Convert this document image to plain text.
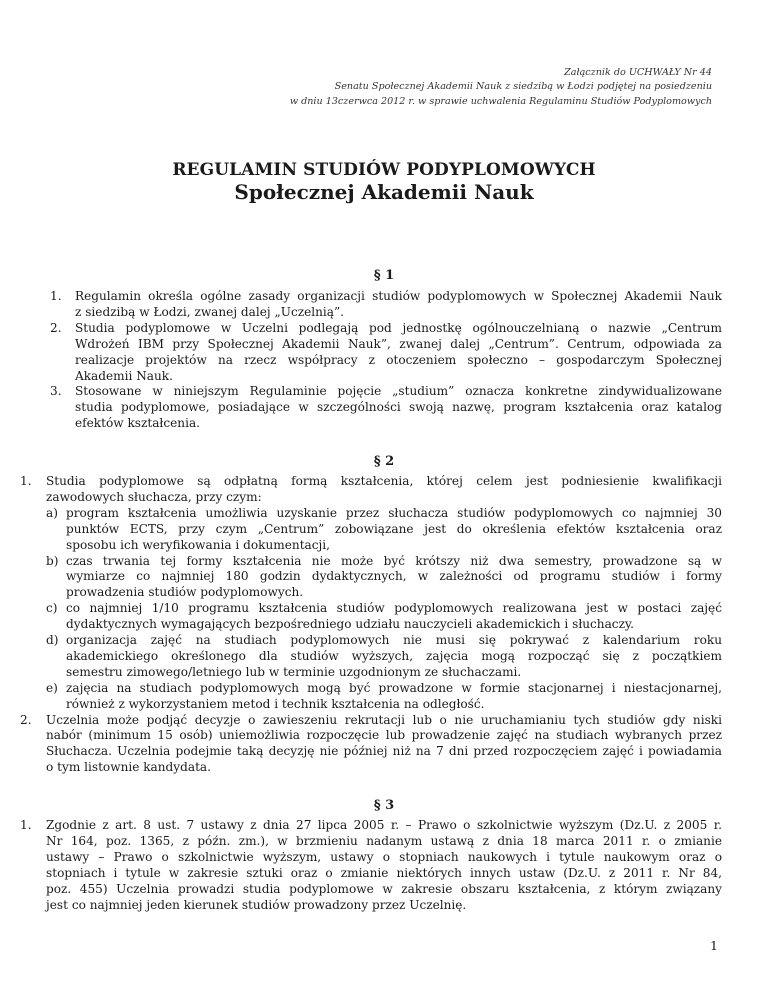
Załącznik do UCHWAŁY Nr 44
Senatu Społecznej Akademii Nauk z siedzibą w Łodzi podjętej na posiedzeniu
w dniu 13czerwca 2012 r. w sprawie uchwalenia Regulaminu Studiów Podyplomowych
REGULAMIN STUDIÓW PODYPLOMOWYCH
Społecznej Akademii Nauk
§ 1
1. Regulamin określa ogólne zasady organizacji studiów podyplomowych w Społecznej Akademii Nauk
z siedzibą w Łodzi, zwanej dalej „Uczelnią”.
2. Studia podyplomowe w Uczelni podlegają pod jednostkę ogólnouczelnianą o nazwie „Centrum
Wdrożeń IBM przy Społecznej Akademii Nauk”, zwanej dalej „Centrum”. Centrum, odpowiada za
realizacje projektów na rzecz współpracy z otoczeniem społeczno – gospodarczym Społecznej
Akademii Nauk.
3. Stosowane w niniejszym Regulaminie pojęcie „studium” oznacza konkretne zindywidualizowane
studia podyplomowe, posiadające w szczególności swoją nazwę, program kształcenia oraz katalog
efektów kształcenia.
§ 2
1. Studia podyplomowe są odpłatną formą kształcenia, której celem jest podniesienie kwalifikacji
zawodowych słuchacza, przy czym:
a) program kształcenia umożliwia uzyskanie przez słuchacza studiów podyplomowych co najmniej 30
punktów ECTS, przy czym „Centrum” zobowiązane jest do określenia efektów kształcenia oraz
sposobu ich weryfikowania i dokumentacji,
b) czas trwania tej formy kształcenia nie może być krótszy niż dwa semestry, prowadzone są w
wymiarze co najmniej 180 godzin dydaktycznych, w zależności od programu studiów i formy
prowadzenia studiów podyplomowych.
c) co najmniej 1/10 programu kształcenia studiów podyplomowych realizowana jest w postaci zajęć
dydaktycznych wymagających bezpośredniego udziału nauczycieli akademickich i słuchaczy.
d) organizacja zajęć na studiach podyplomowych nie musi się pokrywać z kalendarium roku
akademickiego określonego dla studiów wyższych, zajęcia mogą rozpocząć się z początkiem
semestru zimowego/letniego lub w terminie uzgodnionym ze słuchaczami.
e) zajęcia na studiach podyplomowych mogą być prowadzone w formie stacjonarnej i niestacjonarnej,
również z wykorzystaniem metod i technik kształcenia na odległość.
2. Uczelnia może podjąć decyzje o zawieszeniu rekrutacji lub o nie uruchamianiu tych studiów gdy niski
nabór (minimum 15 osób) uniemożliwia rozpoczęcie lub prowadzenie zajęć na studiach wybranych przez
Słuchacza. Uczelnia podejmie taką decyzję nie później niż na 7 dni przed rozpoczęciem zajęć i powiadamia
o tym listownie kandydata.
§ 3
1. Zgodnie z art. 8 ust. 7 ustawy z dnia 27 lipca 2005 r. – Prawo o szkolnictwie wyższym (Dz.U. z 2005 r.
Nr 164, poz. 1365, z późn. zm.), w brzmieniu nadanym ustawą z dnia 18 marca 2011 r. o zmianie
ustawy – Prawo o szkolnictwie wyższym, ustawy o stopniach naukowych i tytule naukowym oraz o
stopniach i tytule w zakresie sztuki oraz o zmianie niektórych innych ustaw (Dz.U. z 2011 r. Nr 84,
poz. 455) Uczelnia prowadzi studia podyplomowe w zakresie obszaru kształcenia, z którym związany
jest co najmniej jeden kierunek studiów prowadzony przez Uczelnię.
1
